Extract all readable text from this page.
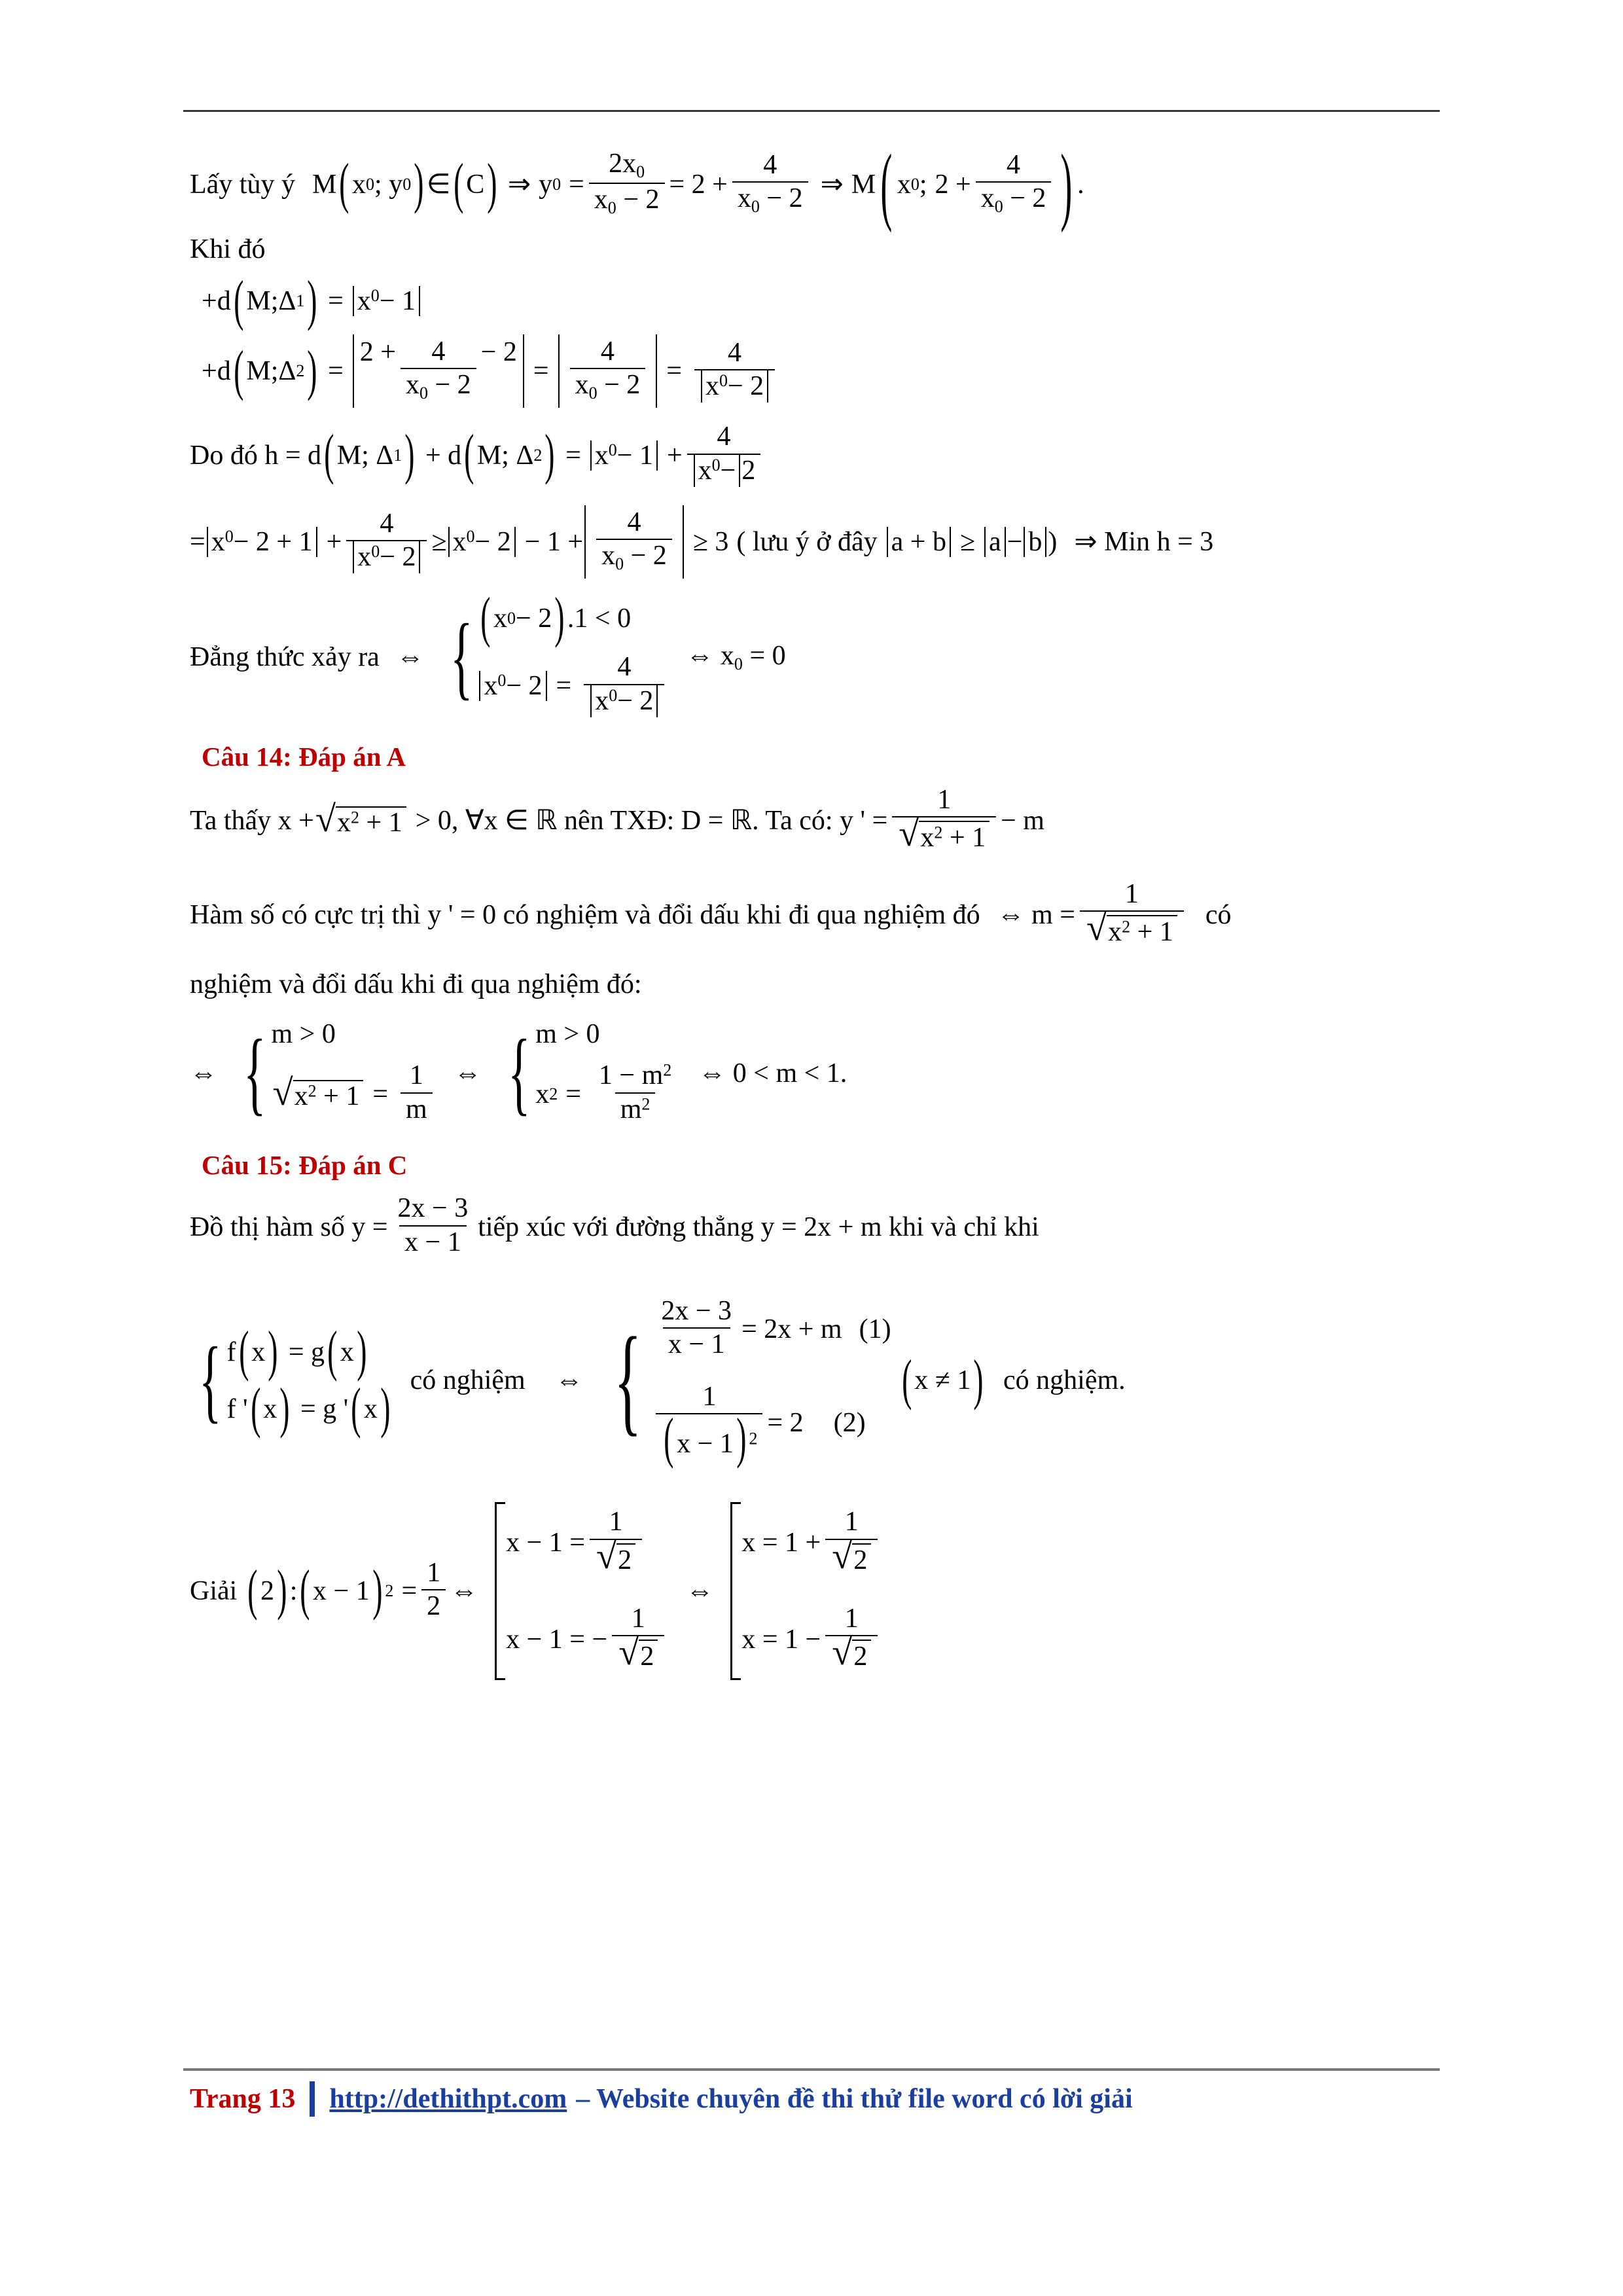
Lấy tùy ý M ( x 0 ; y 0 ) ∈ ( C ) ⇒ y $0 = \frac{2x_0}{x_0 - 2} = 2 + \frac{4}{x_0 - 2}$ ⇒ M ( x 0 ; $2 + \frac{4}{x_0 - 2}$ ) .
Khi đó
+ d ( M; Δ 1 ) = x 0 − 1
+ d ( M; Δ 2 ) =
$2 + \frac{4}{x_0 - 2} - 2$
= $\frac{4}{x_0 - 2} = \frac{4}{x 0 - 2}$
Do đó h = d ( M; Δ 1 ) + d ( M; Δ 2 ) = x $0 - 1 + \frac{4}{x 0 - 2}$
= x $0 - 2 + 1 + \frac{4}{x 0 - 2} \ge x$ $0 - 2 - 1 + \frac{4}{x_0 - 2} \ge 3$ ( lưu ý ở đây a + b ≥ a − b ) ⇒ Min h = 3
Đẳng thức xảy ra ⇔ { ( x 0 − 2 ) .1 < 0
x $0 - 2 = \frac{4}{x 0 - 2}$ ⇔ $x_0 = 0$
Câu 14: Đáp án A
Ta thấy x + √ $x^2 + 1 > 0$, ∀x ∈ ℝ nên TXĐ: D = ℝ. Ta có: y ' = $\frac{1}{√ x^2 + 1} - m$
Hàm số có cực trị thì y ' = 0 có nghiệm và đổi dấu khi đi qua nghiệm đó ⇔ $m = \frac{1}{√ x^2 + 1}$ có
nghiệm và đổi dấu khi đi qua nghiệm đó:
⇔ { m > 0
√ $x^2 + 1 = \frac{1}{m}$ ⇔ { m > 0
x $2 = \frac{1 - m^2}{m^2}$ ⇔ 0 < m < 1.
Câu 15: Đáp án C
Đồ thị hàm số $y = \frac{2x - 3}{x - 1}$ tiếp xúc với đường thẳng y = 2x + m khi và chỉ khi
{ f ( x ) = g ( x )
f ' ( x ) = g ' ( x ) có nghiệm ⇔ { $\frac{2x - 3}{x - 1} = 2x + m$ (1)
$\frac{1}{( x - 1) ^2} = 2$ (2)
( x ≠ 1 ) có nghiệm.
Giải ( 2 ) : ( x − 1 ) $2 = \frac{1}{2}$ ⇔
$x - 1 = \frac{1}{√ 2}$
x − 1 = − $\frac{1}{√ 2}$
⇔
$x = 1 + \frac{1}{√ 2}$
$x = 1 - \frac{1}{√ 2}$
Trang 13 http://dethithpt.com – Website chuyên đề thi thử file word có lời giải
